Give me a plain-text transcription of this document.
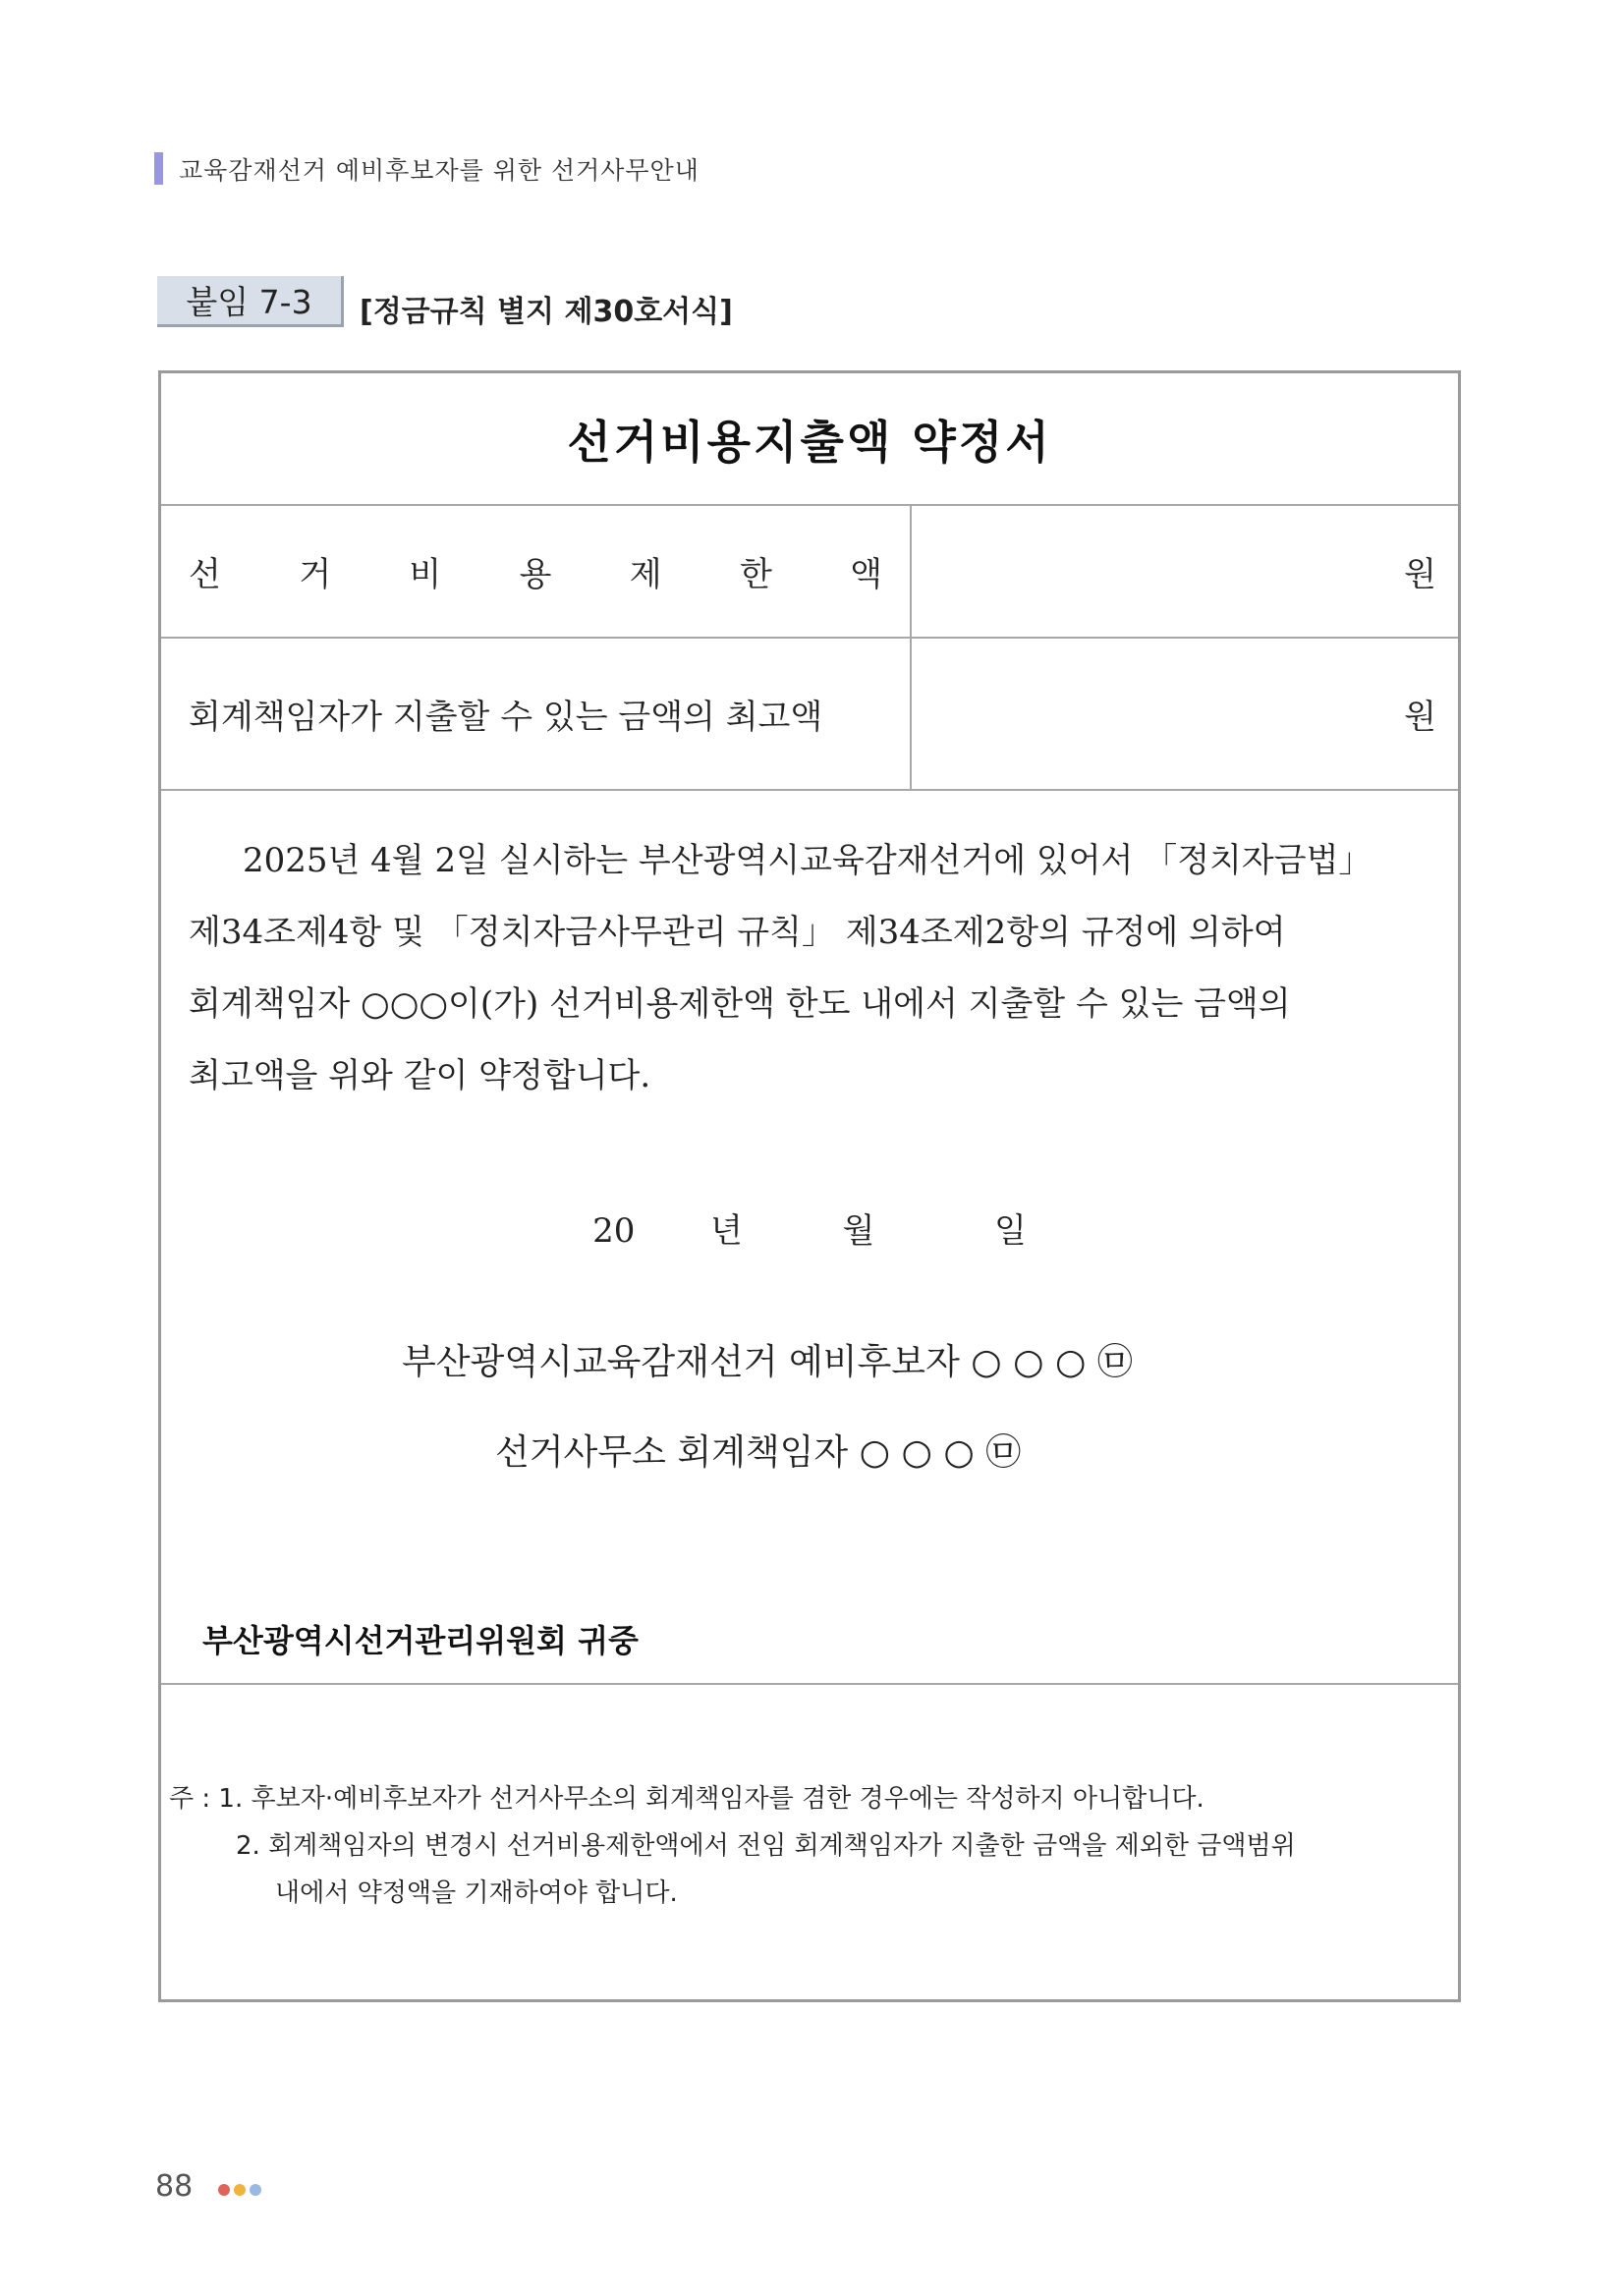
교육감재선거 예비후보자를 위한 선거사무안내
붙임 7-3	[정금규칙 별지 제30호서식]
선거비용지출액 약정서
선 거 비 용 제 한 액	원
회계책임자가 지출할 수 있는 금액의 최고액	원
2025년 4월 2일 실시하는 부산광역시교육감재선거에 있어서 「정치자금법」
제34조제4항 및 「정치자금사무관리 규칙」 제34조제2항의 규정에 의하여
회계책임자 ○○○이(가) 선거비용제한액 한도 내에서 지출할 수 있는 금액의
최고액을 위와 같이 약정합니다.
20 년	월	일
부산광역시교육감재선거 예비후보자 ○ ○ ○ ㉤
선거사무소 회계책임자 ○ ○ ○ ㉤
부산광역시선거관리위원회 귀중
주 : 1. 후보자·예비후보자가 선거사무소의 회계책임자를 겸한 경우에는 작성하지 아니합니다.
2. 회계책임자의 변경시 선거비용제한액에서 전임 회계책임자가 지출한 금액을 제외한 금액범위
내에서 약정액을 기재하여야 합니다.
88
